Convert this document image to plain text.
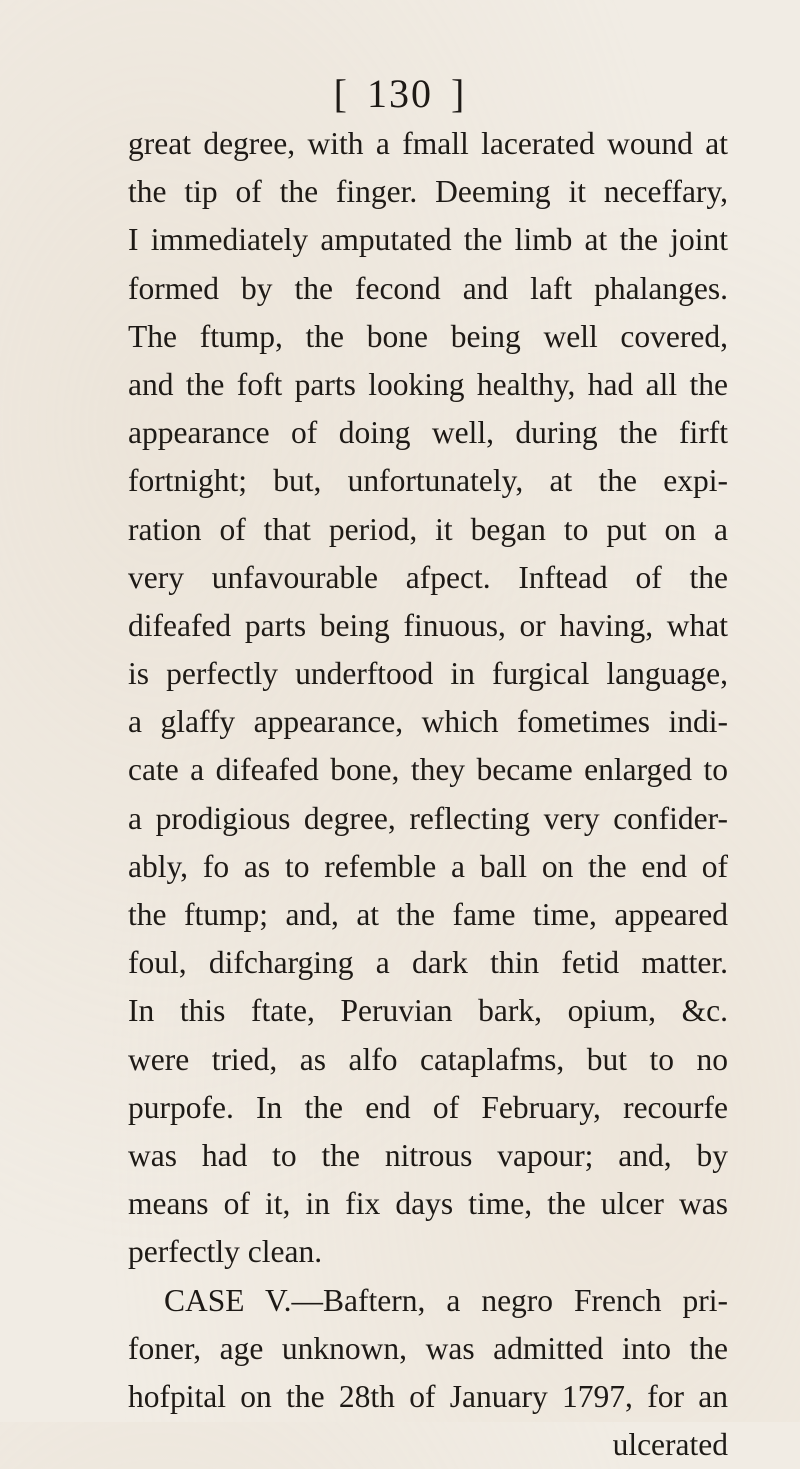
[ 130 ]
great degree, with a fmall lacerated wound at
the tip of the finger. Deeming it neceffary,
I immediately amputated the limb at the joint
formed by the fecond and laft phalanges.
The ftump, the bone being well covered,
and the foft parts looking healthy, had all the
appearance of doing well, during the firft
fortnight; but, unfortunately, at the expi-
ration of that period, it began to put on a
very unfavourable afpect. Inftead of the
difeafed parts being finuous, or having, what
is perfectly underftood in furgical language,
a glaffy appearance, which fometimes indi-
cate a difeafed bone, they became enlarged to
a prodigious degree, reflecting very confider-
ably, fo as to refemble a ball on the end of
the ftump; and, at the fame time, appeared
foul, difcharging a dark thin fetid matter.
In this ftate, Peruvian bark, opium, &c.
were tried, as alfo cataplafms, but to no
purpofe. In the end of February, recourfe
was had to the nitrous vapour; and, by
means of it, in fix days time, the ulcer was
perfectly clean.
CASE V.—Baftern, a negro French pri-
foner, age unknown, was admitted into the
hofpital on the 28th of January 1797, for an
ulcerated
